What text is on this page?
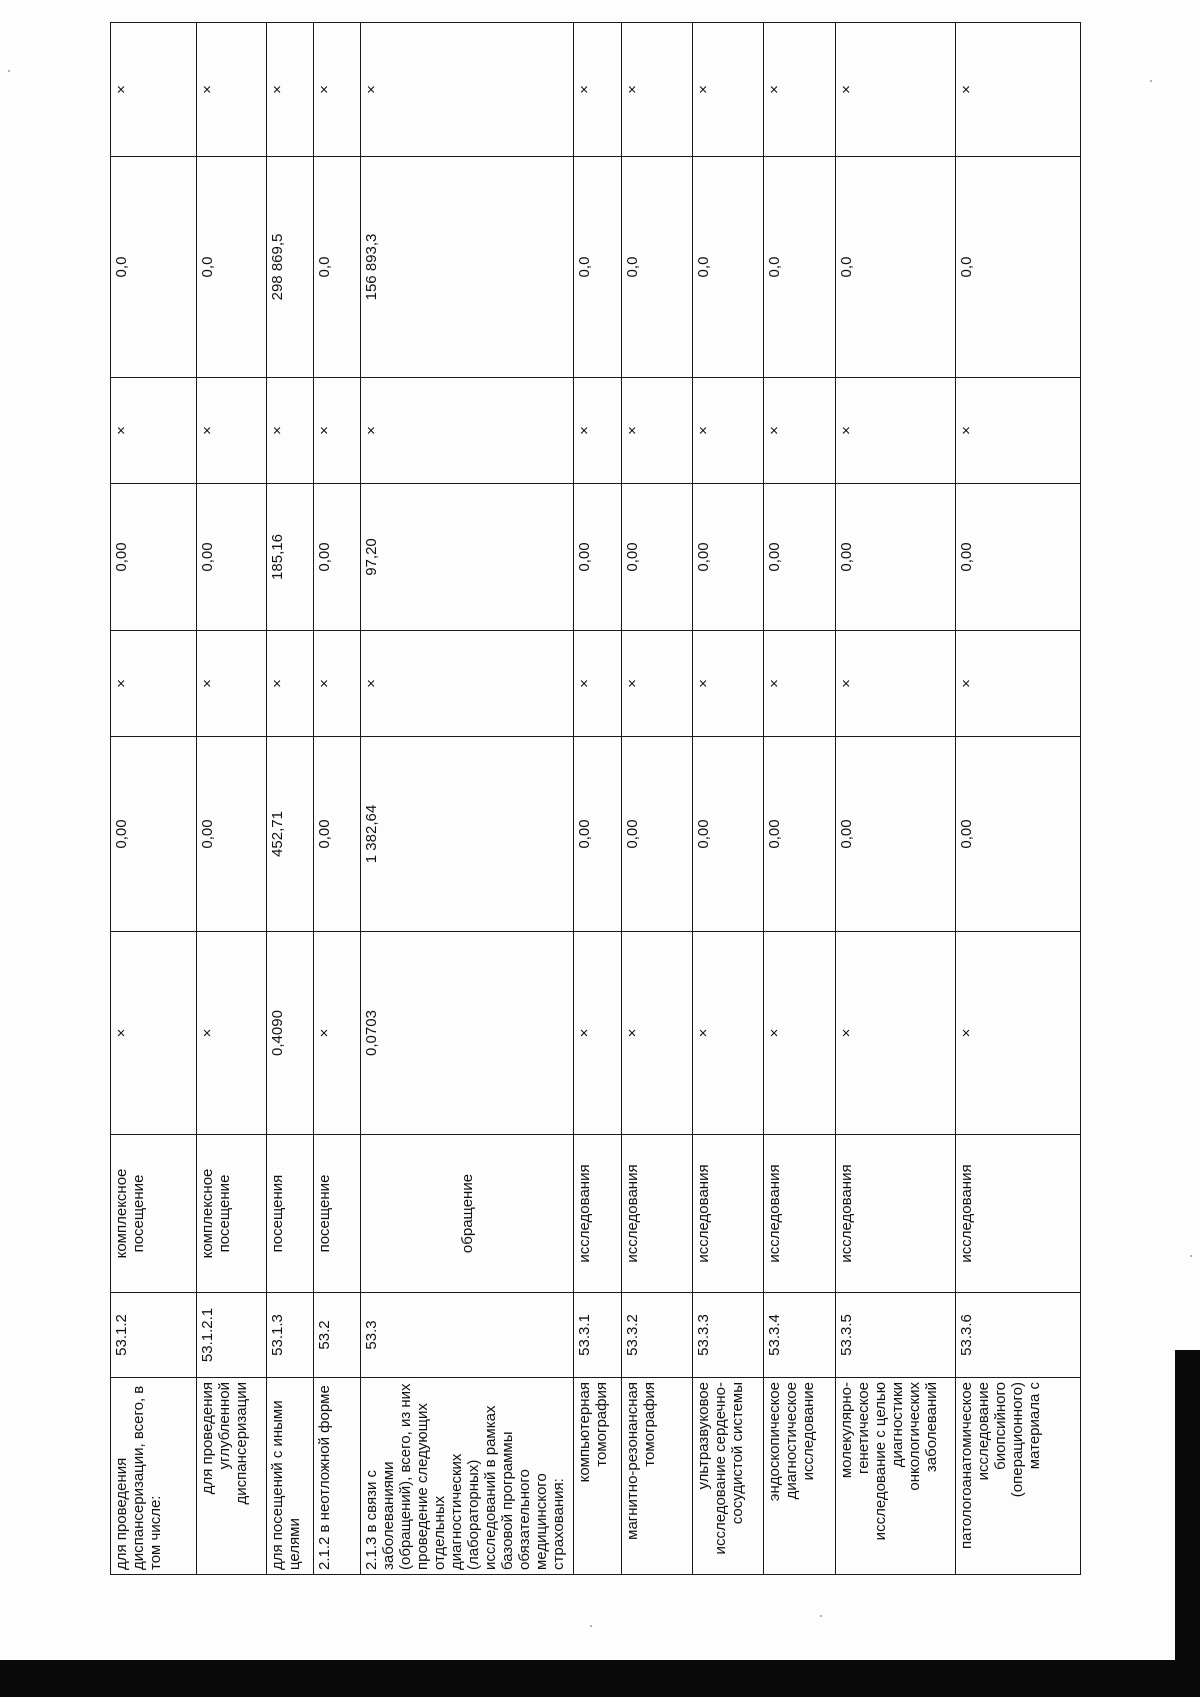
для проведения диспансеризации, всего, в том числе:	53.1.2	комплексное посещение	×	0,00	×	0,00	×	0,0	×
для проведения углубленной диспансеризации	53.1.2.1	комплексное посещение	×	0,00	×	0,00	×	0,0	×
для посещений с иными целями	53.1.3	посещения	0,4090	452,71	×	185,16	×	298 869,5	×
2.1.2 в неотложной форме	53.2	посещение	×	0,00	×	0,00	×	0,0	×
2.1.3 в связи с заболеваниями (обращений), всего, из них проведение следующих отдельных диагностических (лабораторных) исследований в рамках базовой программы обязательного медицинского страхования:	53.3	обращение	0,0703	1 382,64	×	97,20	×	156 893,3	×
компьютерная томография	53.3.1	исследования	×	0,00	×	0,00	×	0,0	×
магнитно-резонансная томография	53.3.2	исследования	×	0,00	×	0,00	×	0,0	×
ультразвуковое исследование сердечно-сосудистой системы	53.3.3	исследования	×	0,00	×	0,00	×	0,0	×
эндоскопическое диагностическое исследование	53.3.4	исследования	×	0,00	×	0,00	×	0,0	×
молекулярно-генетическое исследование с целью диагностики онкологических заболеваний	53.3.5	исследования	×	0,00	×	0,00	×	0,0	×
патологоанатомическое исследование биопсийного (операционного) материала с	53.3.6	исследования	×	0,00	×	0,00	×	0,0	×
